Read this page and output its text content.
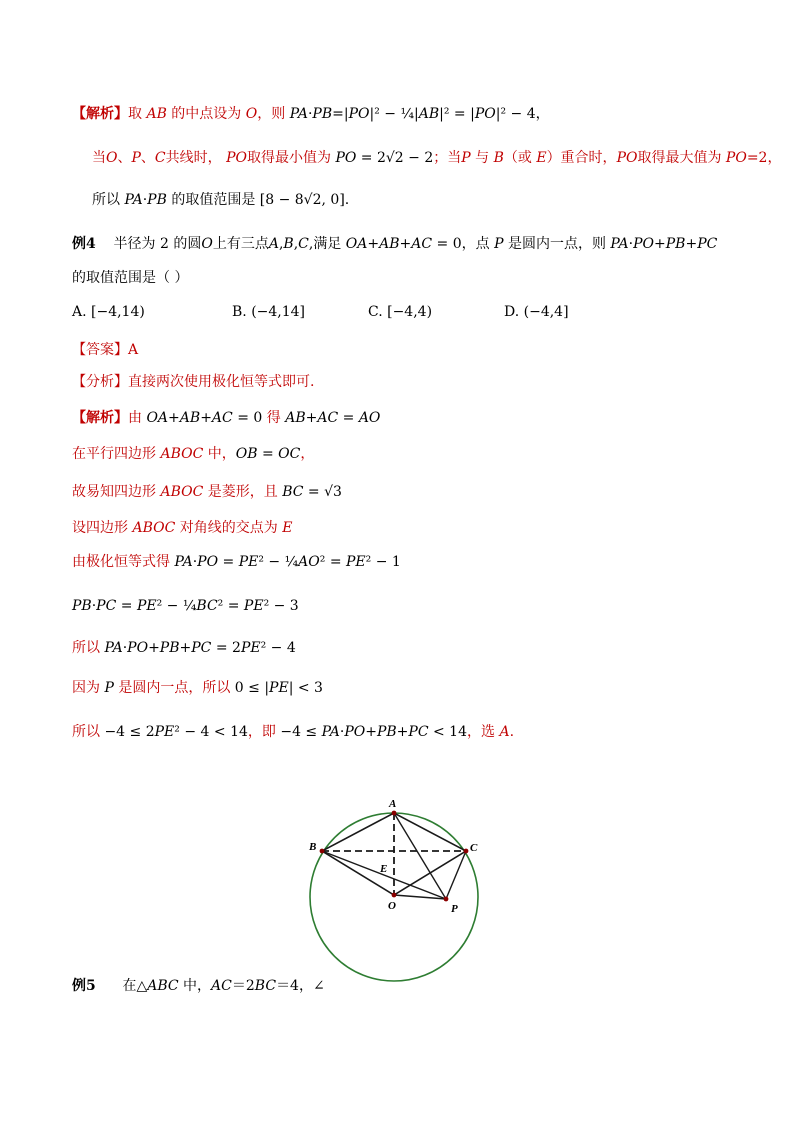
【解析】取 AB 的中点设为 O，则 PA·PB=|PO|² − ¼|AB|² = |PO|² − 4，
当O、P、C共线时， PO取得最小值为 PO = 2√2 − 2；当P 与 B（或 E）重合时，PO取得最大值为 PO=2，
所以 PA·PB 的取值范围是 [8 − 8√2, 0].
例4    半径为 2 的圆O上有三点A,B,C,满足 OA+AB+AC = 0，点 P 是圆内一点，则 PA·PO+PB+PC
的取值范围是（ ）
A. [−4,14)	B. (−4,14]	C. [−4,4)	D. (−4,4]
【答案】A
【分析】直接两次使用极化恒等式即可.
【解析】由 OA+AB+AC = 0 得 AB+AC = AO
在平行四边形 ABOC 中，OB = OC，
故易知四边形 ABOC 是菱形，且 BC = √3
设四边形 ABOC 对角线的交点为 E
由极化恒等式得 PA·PO = PE² − ¼AO² = PE² − 1
PB·PC = PE² − ¼BC² = PE² − 3
所以 PA·PO+PB+PC = 2PE² − 4
因为 P 是圆内一点，所以 0 ≤ |PE| < 3
所以 −4 ≤ 2PE² − 4 < 14，即 −4 ≤ PA·PO+PB+PC < 14，选 A.
A
B	C
E
O	P
例5      在△ABC 中，AC＝2BC＝4，∠
